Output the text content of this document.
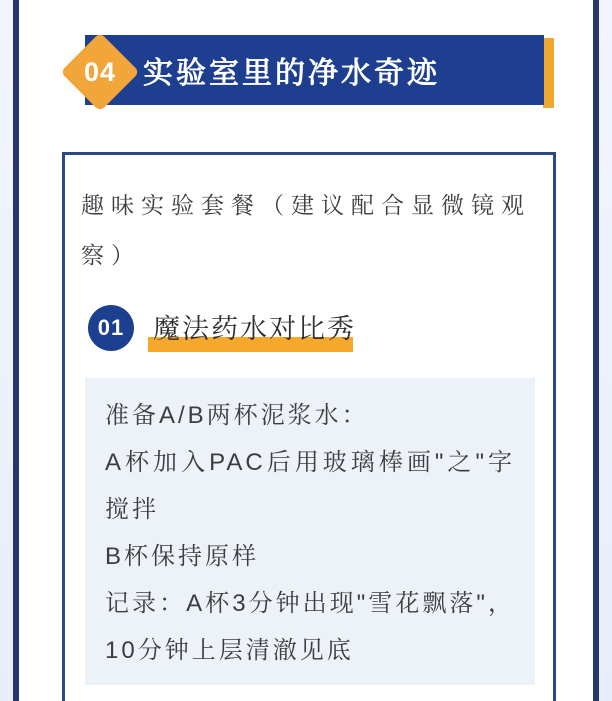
实验室里的净水奇迹
04
趣味实验套餐（建议配合显微镜观察）
01 魔法药水对比秀

准备A/B两杯泥浆水：

A杯加入PAC后用玻璃棒画"之"字搅拌

B杯保持原样

记录：A杯3分钟出现"雪花飘落"，10分钟上层清澈见底
